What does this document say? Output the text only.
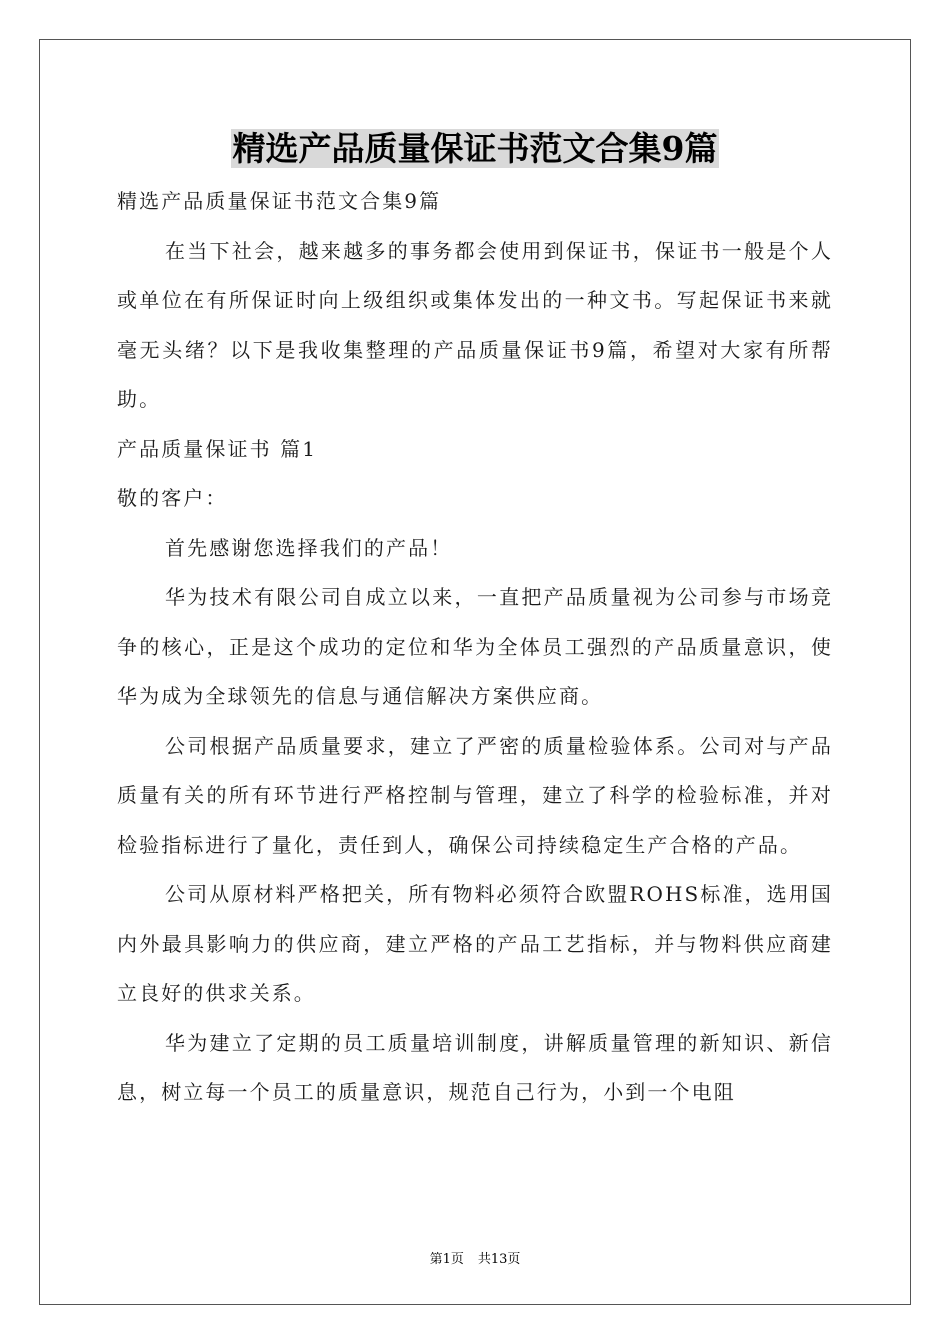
精选产品质量保证书范文合集9篇

精选产品质量保证书范文合集9篇

在当下社会，越来越多的事务都会使用到保证书，保证书一般是个人或单位在有所保证时向上级组织或集体发出的一种文书。写起保证书来就毫无头绪？以下是我收集整理的产品质量保证书9篇，希望对大家有所帮助。

产品质量保证书 篇1

敬的客户：

首先感谢您选择我们的产品！

华为技术有限公司自成立以来，一直把产品质量视为公司参与市场竞争的核心，正是这个成功的定位和华为全体员工强烈的产品质量意识，使华为成为全球领先的信息与通信解决方案供应商。

公司根据产品质量要求，建立了严密的质量检验体系。公司对与产品质量有关的所有环节进行严格控制与管理，建立了科学的检验标准，并对检验指标进行了量化，责任到人，确保公司持续稳定生产合格的产品。

公司从原材料严格把关，所有物料必须符合欧盟ROHS标准，选用国内外最具影响力的供应商，建立严格的产品工艺指标，并与物料供应商建立良好的供求关系。

华为建立了定期的员工质量培训制度，讲解质量管理的新知识、新信息，树立每一个员工的质量意识，规范自己行为，小到一个电阻

第1页 共13页
